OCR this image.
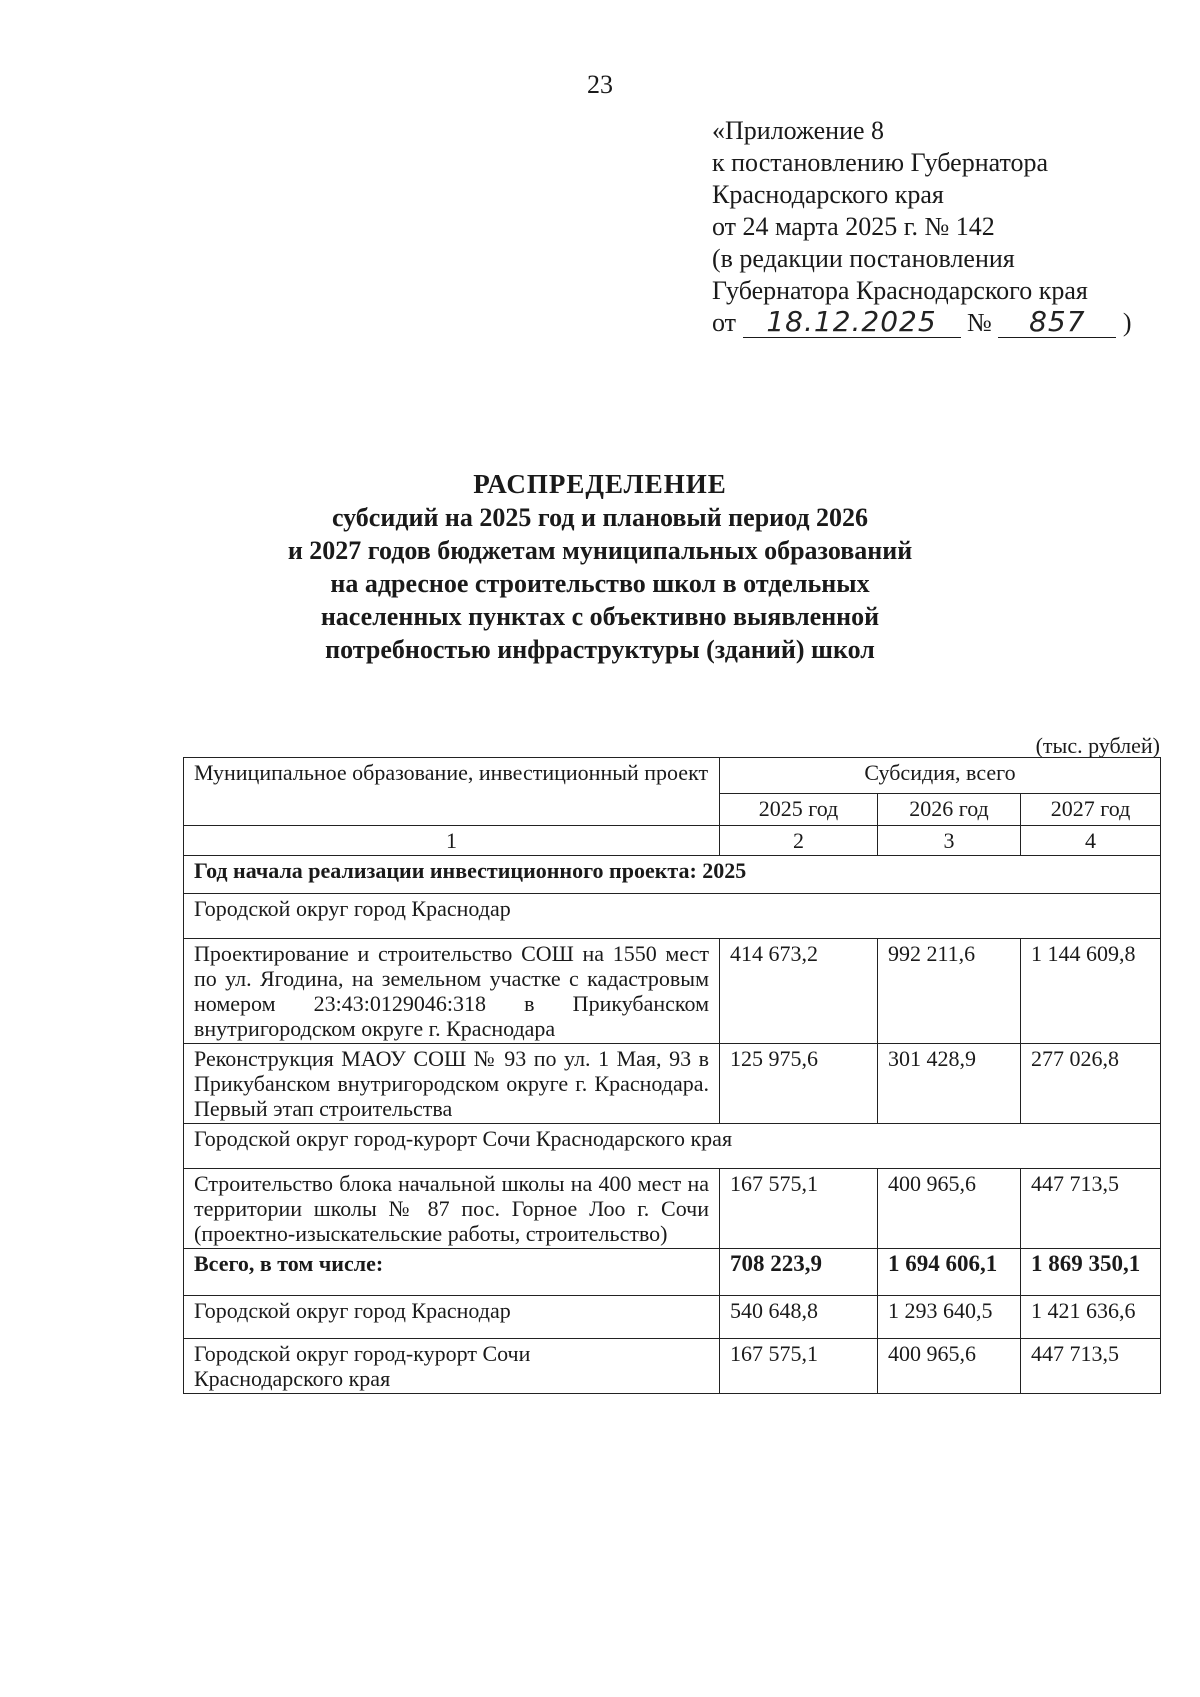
23
«Приложение 8
к постановлению Губернатора
Краснодарского края
от 24 марта 2025 г. № 142
(в редакции постановления
Губернатора Краснодарского края
от 18.12.2025 № 857 )
РАСПРЕДЕЛЕНИЕ
субсидий на 2025 год и плановый период 2026
и 2027 годов бюджетам муниципальных образований
на адресное строительство школ в отдельных
населенных пунктах с объективно выявленной
потребностью инфраструктуры (зданий) школ
(тыс. рублей)
Муниципальное образование, инвестиционный проект	Субсидия, всего		
	2025 год	2026 год	2027 год
1	2	3	4
Год начала реализации инвестиционного проекта: 2025			
Городской округ город Краснодар			
Проектирование и строительство СОШ на 1550 мест по ул. Ягодина, на земельном участке с кадастровым номером 23:43:0129046:318 в Прикубанском внутригородском округе г. Краснодара	414 673,2	992 211,6	1 144 609,8
Реконструкция МАОУ СОШ № 93 по ул. 1 Мая, 93 в Прикубанском внутригородском округе г. Краснодара. Первый этап строительства	125 975,6	301 428,9	277 026,8
Городской округ город-курорт Сочи Краснодарского края			
Строительство блока начальной школы на 400 мест на территории школы № 87 пос. Горное Лоо г. Сочи (проектно-изыскательские работы, строительство)	167 575,1	400 965,6	447 713,5
Всего, в том числе:	708 223,9	1 694 606,1	1 869 350,1
Городской округ город Краснодар	540 648,8	1 293 640,5	1 421 636,6
Городской округ город-курорт Сочи Краснодарского края	167 575,1	400 965,6	447 713,5
